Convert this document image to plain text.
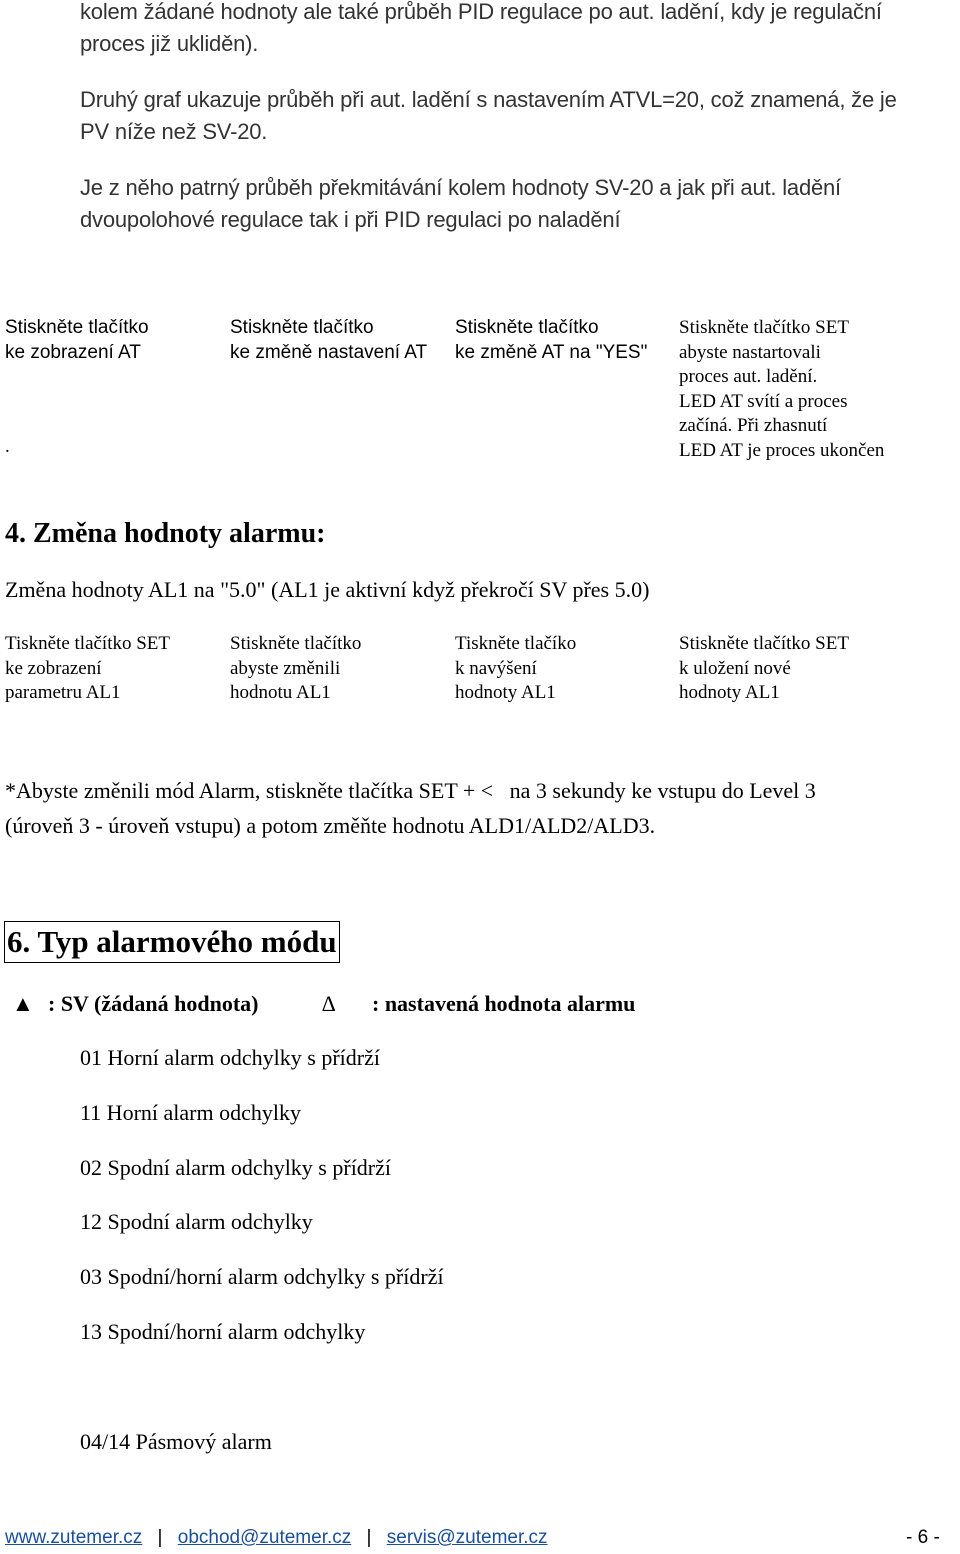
kolem žádané hodnoty ale také průběh PID regulace po aut. ladění, kdy je regulační
proces již ukliděn).
Druhý graf ukazuje průběh při aut. ladění s nastavením ATVL=20, což znamená, že je
PV níže než SV-20.
Je z něho patrný průběh překmitávání kolem hodnoty SV-20 a jak při aut. ladění
dvoupolohové regulace tak i při PID regulaci po naladění
Stiskněte tlačítko
ke zobrazení AT
Stiskněte tlačítko
ke změně nastavení AT
Stiskněte tlačítko
ke změně AT na "YES"
Stiskněte tlačítko SET
abyste nastartovali
proces aut. ladění.
LED AT svítí a proces
začíná. Při zhasnutí
LED AT je proces ukončen
.
4. Změna hodnoty alarmu:
Změna hodnoty AL1 na "5.0" (AL1 je aktivní když překročí SV přes 5.0)
Tiskněte tlačítko SET
ke zobrazení
parametru AL1
Stiskněte tlačítko
abyste změnili
hodnotu AL1
Tiskněte tlačíko
k navýšení
hodnoty AL1
Stiskněte tlačítko SET
k uložení nové
hodnoty AL1
*Abyste změnili mód Alarm, stiskněte tlačítka SET + <   na 3 sekundy ke vstupu do Level 3
(úroveň 3 - úroveň vstupu) a potom změňte hodnotu ALD1/ALD2/ALD3.
6. Typ alarmového módu
▲ : SV (žádaná hodnota)	∆ : nastavená hodnota alarmu
01 Horní alarm odchylky s přídrží
11 Horní alarm odchylky
02 Spodní alarm odchylky s přídrží
12 Spodní alarm odchylky
03 Spodní/horní alarm odchylky s přídrží
13 Spodní/horní alarm odchylky
04/14 Pásmový alarm
www.zutemer.cz | obchod@zutemer.cz | servis@zutemer.cz	- 6 -
